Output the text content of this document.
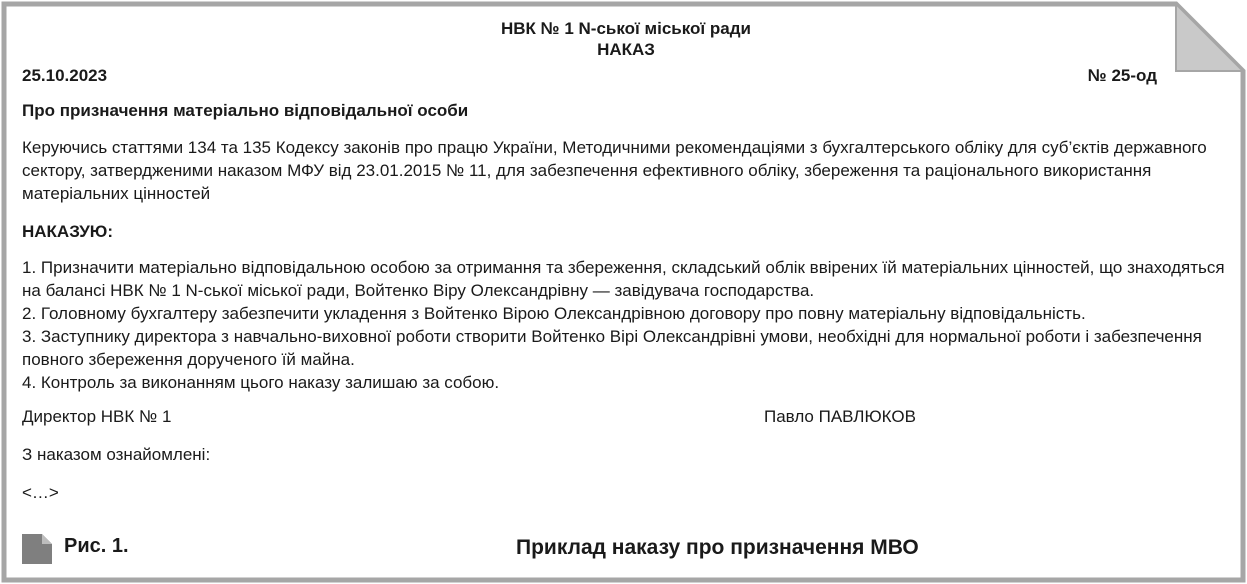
НВК № 1 N-ської міської ради
НАКАЗ
25.10.2023	№ 25-од
Про призначення матеріально відповідальної особи
Керуючись статтями 134 та 135 Кодексу законів про працю України, Методичними рекомендаціями з бухгалтерського обліку для суб’єктів державного сектору, затвердженими наказом МФУ від 23.01.2015 № 11, для забезпечення ефективного обліку, збереження та раціонального використання матеріальних цінностей
НАКАЗУЮ:
1. Призначити матеріально відповідальною особою за отримання та збереження, складський облік ввірених їй матеріальних цінностей, що знаходяться на балансі НВК № 1 N-ської міської ради, Войтенко Віру Олександрівну — завідувача господарства.
2. Головному бухгалтеру забезпечити укладення з Войтенко Вірою Олександрівною договору про повну матеріальну відповідальність.
3. Заступнику директора з навчально-виховної роботи створити Войтенко Вірі Олександрівні умови, необхідні для нормальної роботи і забезпечення повного збереження дорученого їй майна.
4. Контроль за виконанням цього наказу залишаю за собою.
Директор НВК № 1	Павло ПАВЛЮКОВ
З наказом ознайомлені:
<…>
Рис. 1.	Приклад наказу про призначення МВО
